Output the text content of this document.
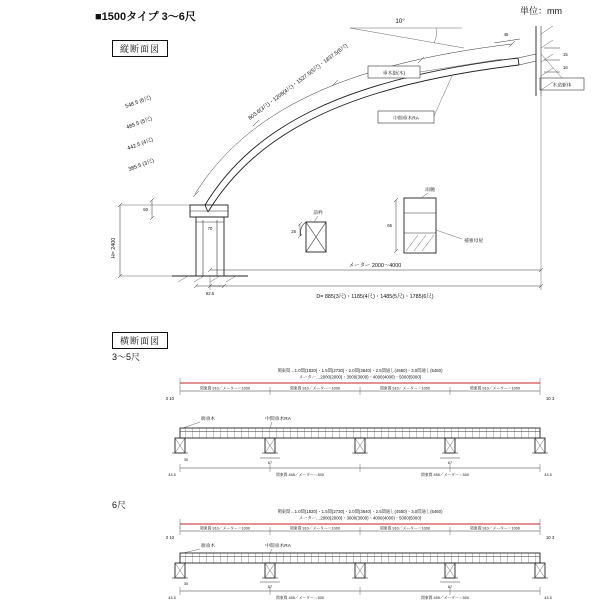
■1500タイプ 3〜6尺	単位：mm
縦断面図
10°
803.6(3尺)・1208(4尺)・1527.5(5尺)・1837.5(6尺)
548.5 (6尺)
485.5 (5尺)
442.5 (4尺)
385.5 (3尺)
H= 2400
60
70
92.5
25
前枠
雨樋
補強母屋
65
垂木掛(木)
中間垂木RA
木造躯体
45
15
16
メーター 2000〜4000
D= 885(3尺)・1185(4尺)・1485(5尺)・1785(6尺)
横断面図
3〜5尺
関東間…1.0間(1820)・1.5間(2730)・2.0間(3640)・2.5間通し(4550)・3.0間通し(5460)
メーター…2000(2000)・3000(3000)・4000(4000)・5000(5000)
関東間 910／メーター＝1000	関東間 910／メーター＝1000	関東間 910／メーター＝1000	関東間 910／メーター＝1000
3 10	10 3
端垂木	中間垂木RA
30
67	67
43.5	関東間 455／メーター＝500	関東間 455／メーター＝500	43.5
6尺
関東間…1.0間(1820)・1.5間(2730)・2.0間(3640)・2.5間通し(4550)・3.0間通し(5460)
メーター…2000(2000)・3000(3000)・4000(4000)・5000(5000)
関東間 910／メーター＝1000	関東間 910／メーター＝1000	関東間 910／メーター＝1000	関東間 910／メーター＝1000
3 10	10 3
端垂木	中間垂木RA
30
67	67
43.5	関東間 455／メーター＝500	関東間 455／メーター＝500	43.5
